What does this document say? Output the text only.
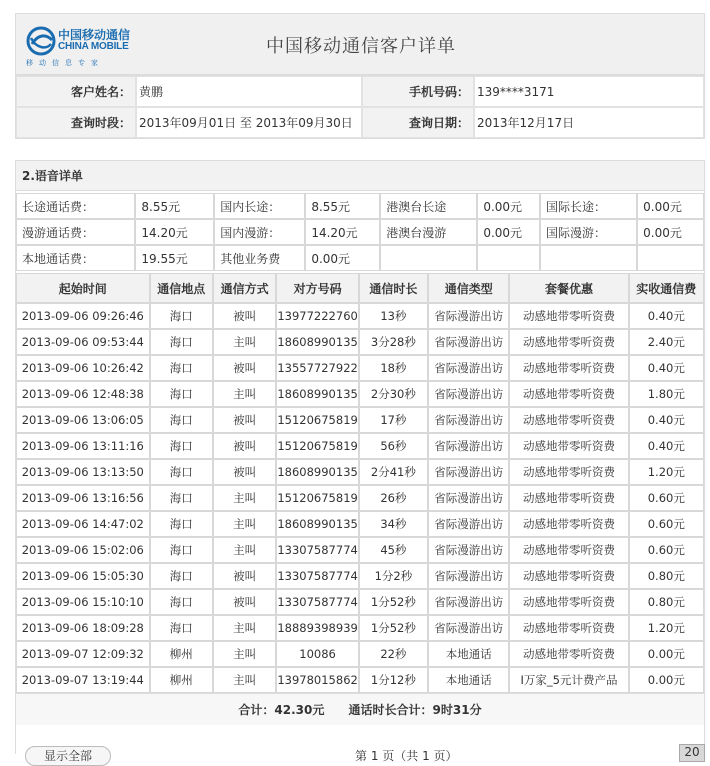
中国移动通信
CHINA MOBILE
移动信息专家
中国移动通信客户详单
客户姓名：	黄鹏	手机号码：	139****3171
查询时段：	2013年09月01日 至 2013年09月30日	查询日期：	2013年12月17日
2.语音详单
长途通话费：	8.55元	国内长途：	8.55元	港澳台长途	0.00元	国际长途：	0.00元
漫游通话费：	14.20元	国内漫游：	14.20元	港澳台漫游	0.00元	国际漫游：	0.00元
本地通话费：	19.55元	其他业务费	0.00元				
起始时间	通信地点	通信方式	对方号码	通信时长	通信类型	套餐优惠	实收通信费
2013-09-06 09:26:46	海口	被叫	13977222760	13秒	省际漫游出访	动感地带零听资费	0.40元
2013-09-06 09:53:44	海口	主叫	18608990135	3分28秒	省际漫游出访	动感地带零听资费	2.40元
2013-09-06 10:26:42	海口	被叫	13557727922	18秒	省际漫游出访	动感地带零听资费	0.40元
2013-09-06 12:48:38	海口	主叫	18608990135	2分30秒	省际漫游出访	动感地带零听资费	1.80元
2013-09-06 13:06:05	海口	被叫	15120675819	17秒	省际漫游出访	动感地带零听资费	0.40元
2013-09-06 13:11:16	海口	被叫	15120675819	56秒	省际漫游出访	动感地带零听资费	0.40元
2013-09-06 13:13:50	海口	被叫	18608990135	2分41秒	省际漫游出访	动感地带零听资费	1.20元
2013-09-06 13:16:56	海口	主叫	15120675819	26秒	省际漫游出访	动感地带零听资费	0.60元
2013-09-06 14:47:02	海口	主叫	18608990135	34秒	省际漫游出访	动感地带零听资费	0.60元
2013-09-06 15:02:06	海口	主叫	13307587774	45秒	省际漫游出访	动感地带零听资费	0.60元
2013-09-06 15:05:30	海口	被叫	13307587774	1分2秒	省际漫游出访	动感地带零听资费	0.80元
2013-09-06 15:10:10	海口	被叫	13307587774	1分52秒	省际漫游出访	动感地带零听资费	0.80元
2013-09-06 18:09:28	海口	主叫	18889398939	1分52秒	省际漫游出访	动感地带零听资费	1.20元
2013-09-07 12:09:32	柳州	主叫	10086	22秒	本地通话	动感地带零听资费	0.00元
2013-09-07 13:19:44	柳州	主叫	13978015862	1分12秒	本地通话	I万家_5元计费产品	0.00元
合计：42.30元 通话时长合计：9时31分
显示全部	第 1 页（共 1 页）	20
